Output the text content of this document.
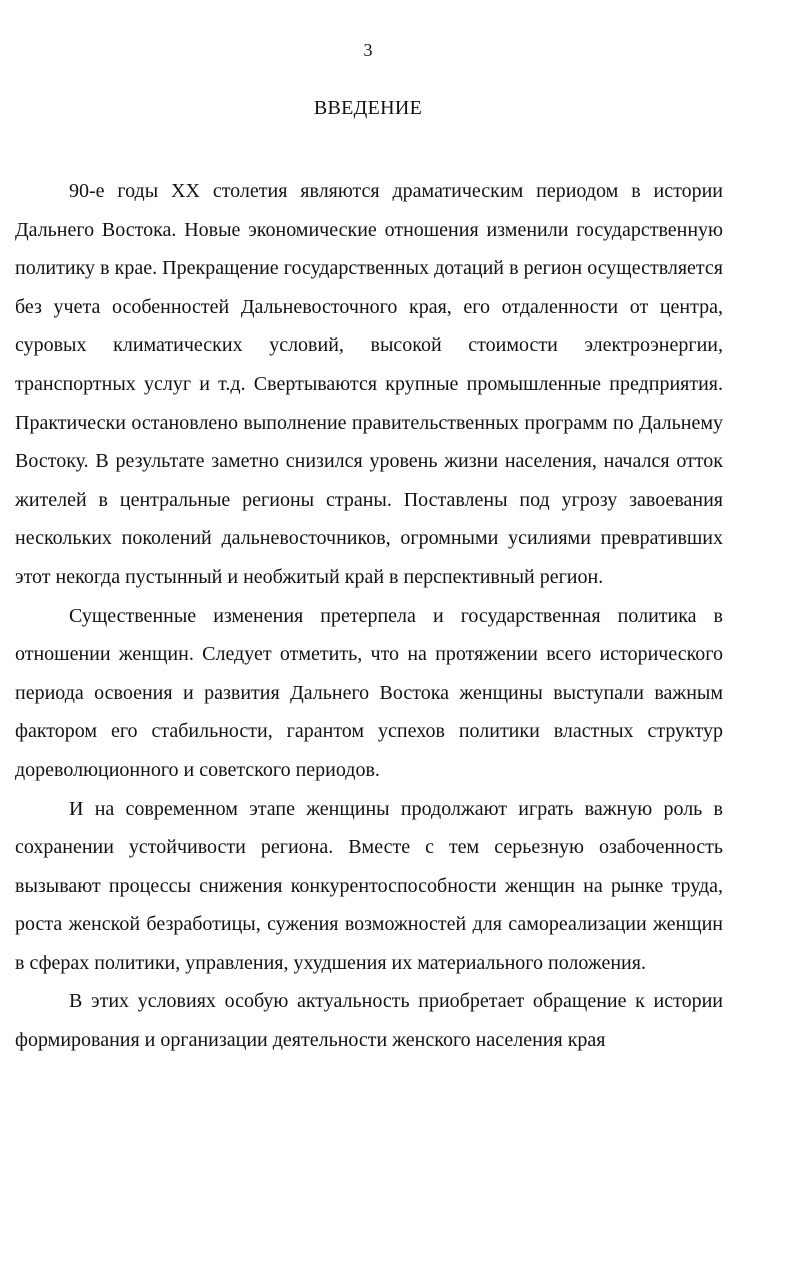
3
ВВЕДЕНИЕ

90-е годы XX столетия являются драматическим периодом в истории Дальнего Востока. Новые экономические отношения изменили государственную политику в крае. Прекращение государственных дотаций в регион осуществляется без учета особенностей Дальневосточного края, его отдаленности от центра, суровых климатических условий, высокой стоимости электроэнергии, транспортных услуг и т.д. Свертываются крупные промышленные предприятия. Практически остановлено выполнение правительственных программ по Дальнему Востоку. В результате заметно снизился уровень жизни населения, начался отток жителей в центральные регионы страны. Поставлены под угрозу завоевания нескольких поколений дальневосточников, огромными усилиями превративших этот некогда пустынный и необжитый край в перспективный регион.

Существенные изменения претерпела и государственная политика в отношении женщин. Следует отметить, что на протяжении всего исторического периода освоения и развития Дальнего Востока женщины выступали важным фактором его стабильности, гарантом успехов политики властных структур дореволюционного и советского периодов.

И на современном этапе женщины продолжают играть важную роль в сохранении устойчивости региона. Вместе с тем серьезную озабоченность вызывают процессы снижения конкурентоспособности женщин на рынке труда, роста женской безработицы, сужения возможностей для самореализации женщин в сферах политики, управления, ухудшения их материального положения.

В этих условиях особую актуальность приобретает обращение к истории формирования и организации деятельности женского населения края
